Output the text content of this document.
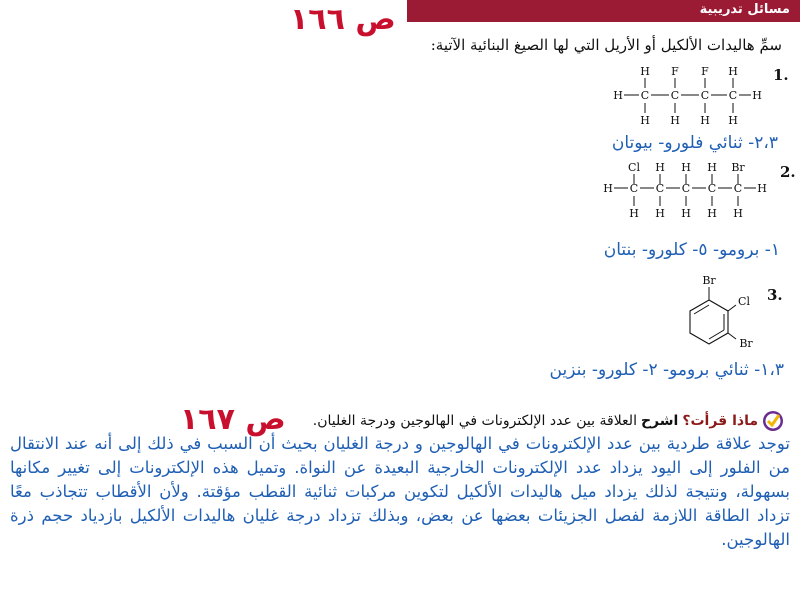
مسائل تدريبية
ص ١٦٦
ص ١٦٧
سمِّ هاليدات الألكيل أو الأريل التي لها الصيغ البنائية الآتية:
1.
H F F H
H C C C C H
H H H H
٢،٣- ثنائي فلورو- بيوتان
2.
Cl H H H Br
H C C C C C H
H H H H H
١- برومو- ٥- كلورو- بنتان
3.
Br
Cl
Br
١،٣- ثنائي برومو- ٢- كلورو- بنزين
ماذا قرأت؟
اشرح
العلاقة بين عدد الإلكترونات في الهالوجين ودرجة الغليان.
توجد علاقة طردية بين عدد الإلكترونات في الهالوجين و درجة الغليان بحيث أن السبب في ذلك إلى أنه عند الانتقال من الفلور إلى اليود يزداد عدد الإلكترونات الخارجية البعيدة عن النواة. وتميل هذه الإلكترونات إلى تغيير مكانها بسهولة، ونتيجة لذلك يزداد ميل هاليدات الألكيل لتكوين مركبات ثنائية القطب مؤقتة. ولأن الأقطاب تتجاذب معًا تزداد الطاقة اللازمة لفصل الجزيئات بعضها عن بعض، وبذلك تزداد درجة غليان هاليدات الألكيل بازدياد حجم ذرة الهالوجين.
